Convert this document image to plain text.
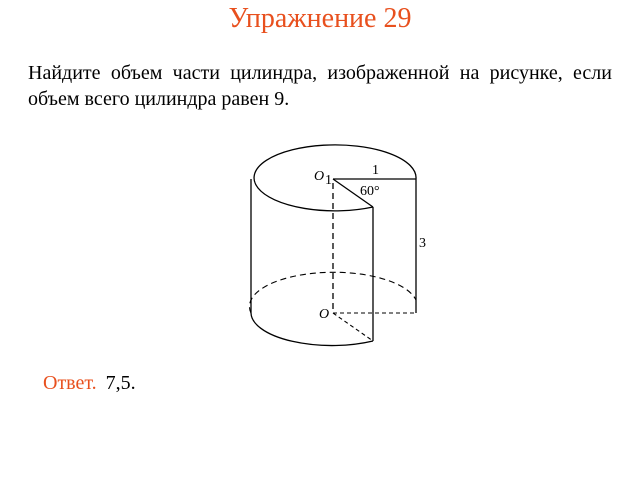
Упражнение 29
Найдите объем части цилиндра, изображенной на рисунке, если объем всего цилиндра равен 9.
O 1
1
60°
3
O
Ответ. 7,5.
